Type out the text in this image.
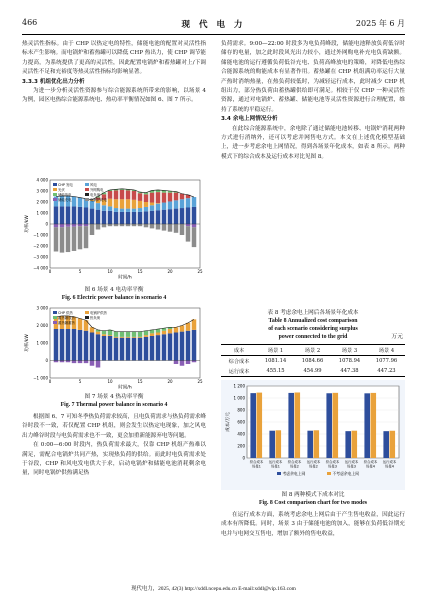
466	现 代 电 力	2025 年 6 月

热灵活性指标。由于 CHP 以热定电的特性，储能电池的配置对灵活性指标未产生影响。而电锅炉和蓄热罐可以降低 CHP 热出力，使 CHP 调节能力提高，为系统提供了更高的灵活性，因此配置电锅炉和蓄热罐对上/下调灵活性不足和充裕度等热灵活性指标均影响显著。

3.3.3 机组优化出力分析

为进一步分析灵活性资源参与综合能源系统所带来的影响，以场景 4 为例，园区电热综合能源系统电、热功率平衡情况如图 6、图 7 所示。

4 000
3 000
2 000
1 000
0
−1 000
−2 000
−3 000
−4 000
0	5	10	15	20	25
时间/h
功率/kW
CHP 发电	风电
光伏	外网购电
储能放电	电负荷
储能充电	电锅炉耗电
图 6 场景 4 电功率平衡
Fig. 6 Electric power balance in scenario 4
3 000
2 000
1 000
0
−1 000
0	5	10	15	20	25
时间/h
功率/kW
CHP 供热	电锅炉供热
蓄热罐放热	热负荷
蓄热罐蓄热
图 7 场景 4 热功率平衡
Fig. 7 Thermal power balance in scenario 4

根据图 6、7 可知冬季热负荷需求较高，且电负荷需求与热负荷需求峰谷时段不一致，若仅配置 CHP 机组，则会发生以热定电现象，加之风电出力峰谷时段与电负荷需求也不一致，更会加重新能源弃电等问题。

在 0:00—6:00 时段内，热负荷需求最大，仅靠 CHP 机组产热难以满足，需配合电锅炉共同产热，实现热负荷的供给。而此时电负荷需求处于谷段，CHP 和风电发电供大于求，启动电锅炉和储能电池消耗剩余电量，同时电锅炉供热满足热

负荷需求。9:00—22:00 时段多为电负荷峰段，储能电池释放负荷低谷时储存的电量，加之此时段风光出力较小，通过外网购电补充电负荷缺额。储能电池的运行遵循负荷低谷充电、负荷高峰放电的策略，对降低电热综合能源系统的购能成本有显著作用。蓄热罐在 CHP 机组满功率运行大量产热时消纳热量，在热负荷较低时，为减轻运行成本，此时减少 CHP 机组出力，部分热负荷由蓄热罐供给即可满足。相较于仅 CHP 一种灵活性资源，通过对电锅炉、蓄热罐、储能电池等灵活性资源进行合理配置，维持了系统的平稳运行。

3.4 余电上网情况分析

在此综合能源系统中，余电除了通过储能电池转移、电锅炉消耗两种方式进行消纳外，还可以考虑并网售电方式。本文在上述优化模型基础上，进一步考虑余电上网情况，得到各场景年化成本，如表 8 所示。两种模式下的综合成本及运行成本对比见图 8。

表 8 考虑余电上网后各场景年化成本
Table 8 Annualized cost comparison
of each scenario considering surplus
power connected to the grid	万元
成本	场景 1	场景 2	场景 3	场景 4
综合成本	1081.14	1084.66	1078.94	1077.96
运行成本	455.15	454.99	447.38	447.23
1 200
1 000
800
600
400
200
0
成本/万元
综合成本
场景1
运行成本
场景1
综合成本
场景2
运行成本
场景2
综合成本
场景3
运行成本
场景3
综合成本
场景4
运行成本
场景4
考虑余电上网	不考虑余电上网
图 8 两种模式下成本对比
Fig. 8 Cost comparison chart for two modes

在运行成本方面，系统考虑余电上网后由于产生售电收益，因此运行成本有所降低。同时，场景 3 由于储能电池的加入，能够在负荷低谷期充电并与电网交互售电，增加了额外的售电收益，

现代电力，2025, 42(3) http://xddl.ncepu.edu.cn E-mail:xddl@vip.163.com
